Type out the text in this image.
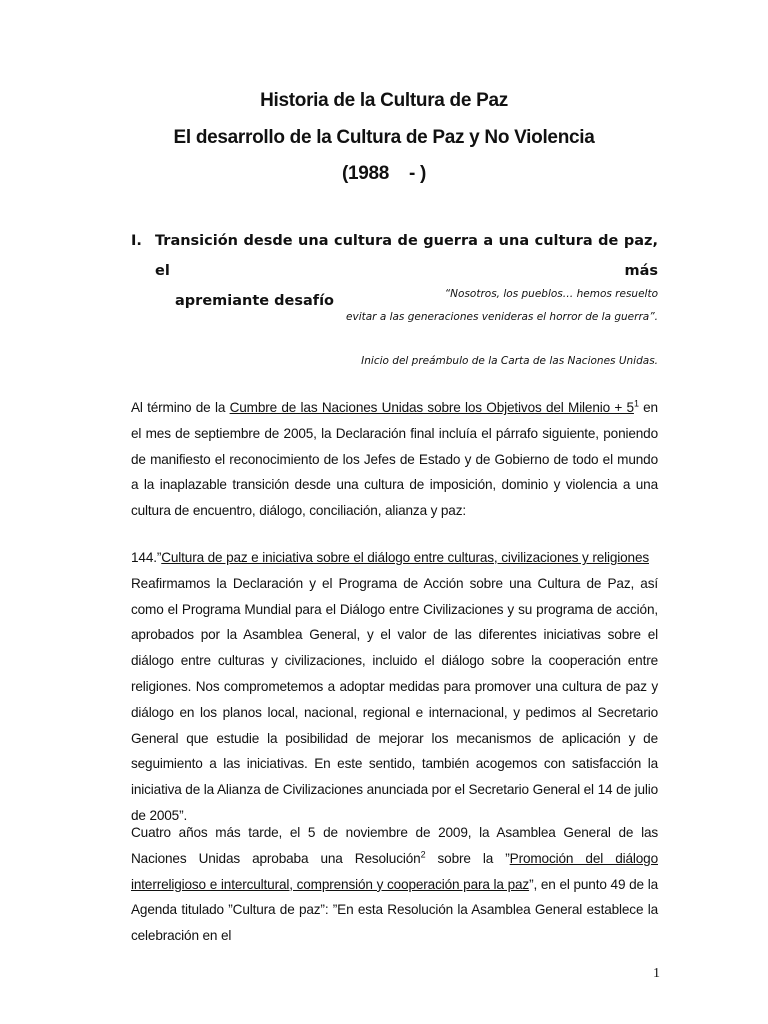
Historia de la Cultura de Paz
El desarrollo de la Cultura de Paz y No Violencia
(1988    - )
I. Transición desde una cultura de guerra a una cultura de paz, el más
apremiante desafío	“Nosotros, los pueblos… hemos resuelto
evitar a las generaciones venideras el horror de la guerra”.
Inicio del preámbulo de la Carta de las Naciones Unidas.
Al término de la Cumbre de las Naciones Unidas sobre los Objetivos del Milenio + $5^1$ en el mes de septiembre de 2005, la Declaración final incluía el párrafo siguiente, poniendo de manifiesto el reconocimiento de los Jefes de Estado y de Gobierno de todo el mundo a la inaplazable transición desde una cultura de imposición, dominio y violencia a una cultura de encuentro, diálogo, conciliación, alianza y paz:
144.”Cultura de paz e iniciativa sobre el diálogo entre culturas, civilizaciones y religiones
Reafirmamos la Declaración y el Programa de Acción sobre una Cultura de Paz, así como el Programa Mundial para el Diálogo entre Civilizaciones y su programa de acción, aprobados por la Asamblea General, y el valor de las diferentes iniciativas sobre el diálogo entre culturas y civilizaciones, incluido el diálogo sobre la cooperación entre religiones. Nos comprometemos a adoptar medidas para promover una cultura de paz y diálogo en los planos local, nacional, regional e internacional, y pedimos al Secretario General que estudie la posibilidad de mejorar los mecanismos de aplicación y de seguimiento a las iniciativas. En este sentido, también acogemos con satisfacción la iniciativa de la Alianza de Civilizaciones anunciada por el Secretario General el 14 de julio de 2005”.
Cuatro años más tarde, el 5 de noviembre de 2009, la Asamblea General de las Naciones Unidas aprobaba una Resolución$^2$ sobre la ”Promoción del diálogo interreligioso e intercultural, comprensión y cooperación para la paz”, en el punto 49 de la Agenda titulado ”Cultura de paz”: ”En esta Resolución la Asamblea General establece la celebración en el
1
